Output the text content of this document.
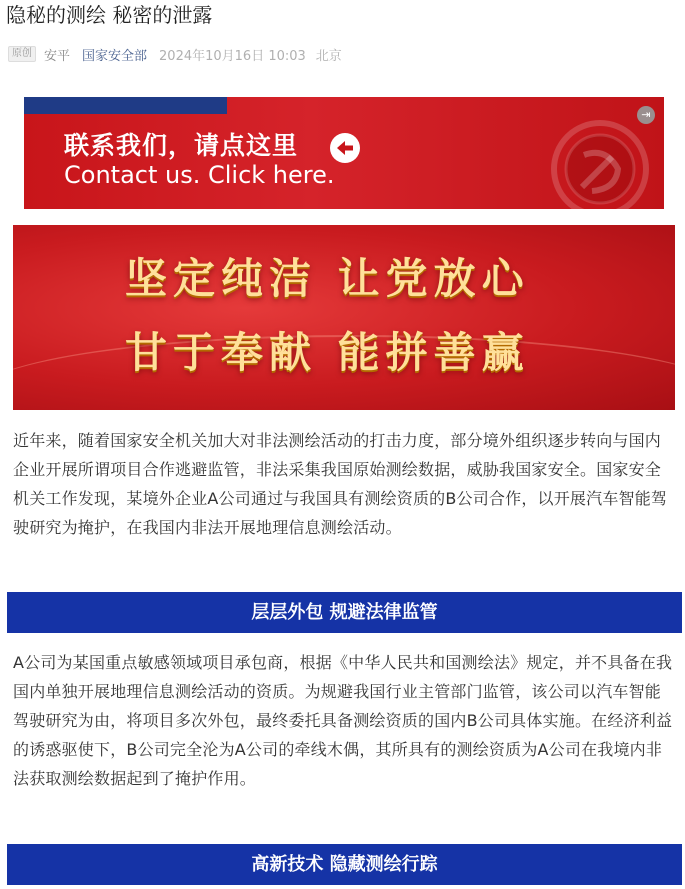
隐秘的测绘 秘密的泄露
原创 安平 国家安全部 2024年10月16日 10:03 北京
联系我们，请点这里
Contact us. Click here.
⇥
坚定纯洁 让党放心
甘于奉献 能拼善赢
近年来，随着国家安全机关加大对非法测绘活动的打击力度，部分境外组织逐步转向与国内企业开展所谓项目合作逃避监管，非法采集我国原始测绘数据，威胁我国家安全。国家安全机关工作发现，某境外企业A公司通过与我国具有测绘资质的B公司合作，以开展汽车智能驾驶研究为掩护，在我国内非法开展地理信息测绘活动。
层层外包 规避法律监管
A公司为某国重点敏感领域项目承包商，根据《中华人民共和国测绘法》规定，并不具备在我国内单独开展地理信息测绘活动的资质。为规避我国行业主管部门监管，该公司以汽车智能驾驶研究为由，将项目多次外包，最终委托具备测绘资质的国内B公司具体实施。在经济利益的诱惑驱使下，B公司完全沦为A公司的牵线木偶，其所具有的测绘资质为A公司在我境内非法获取测绘数据起到了掩护作用。
高新技术 隐藏测绘行踪
